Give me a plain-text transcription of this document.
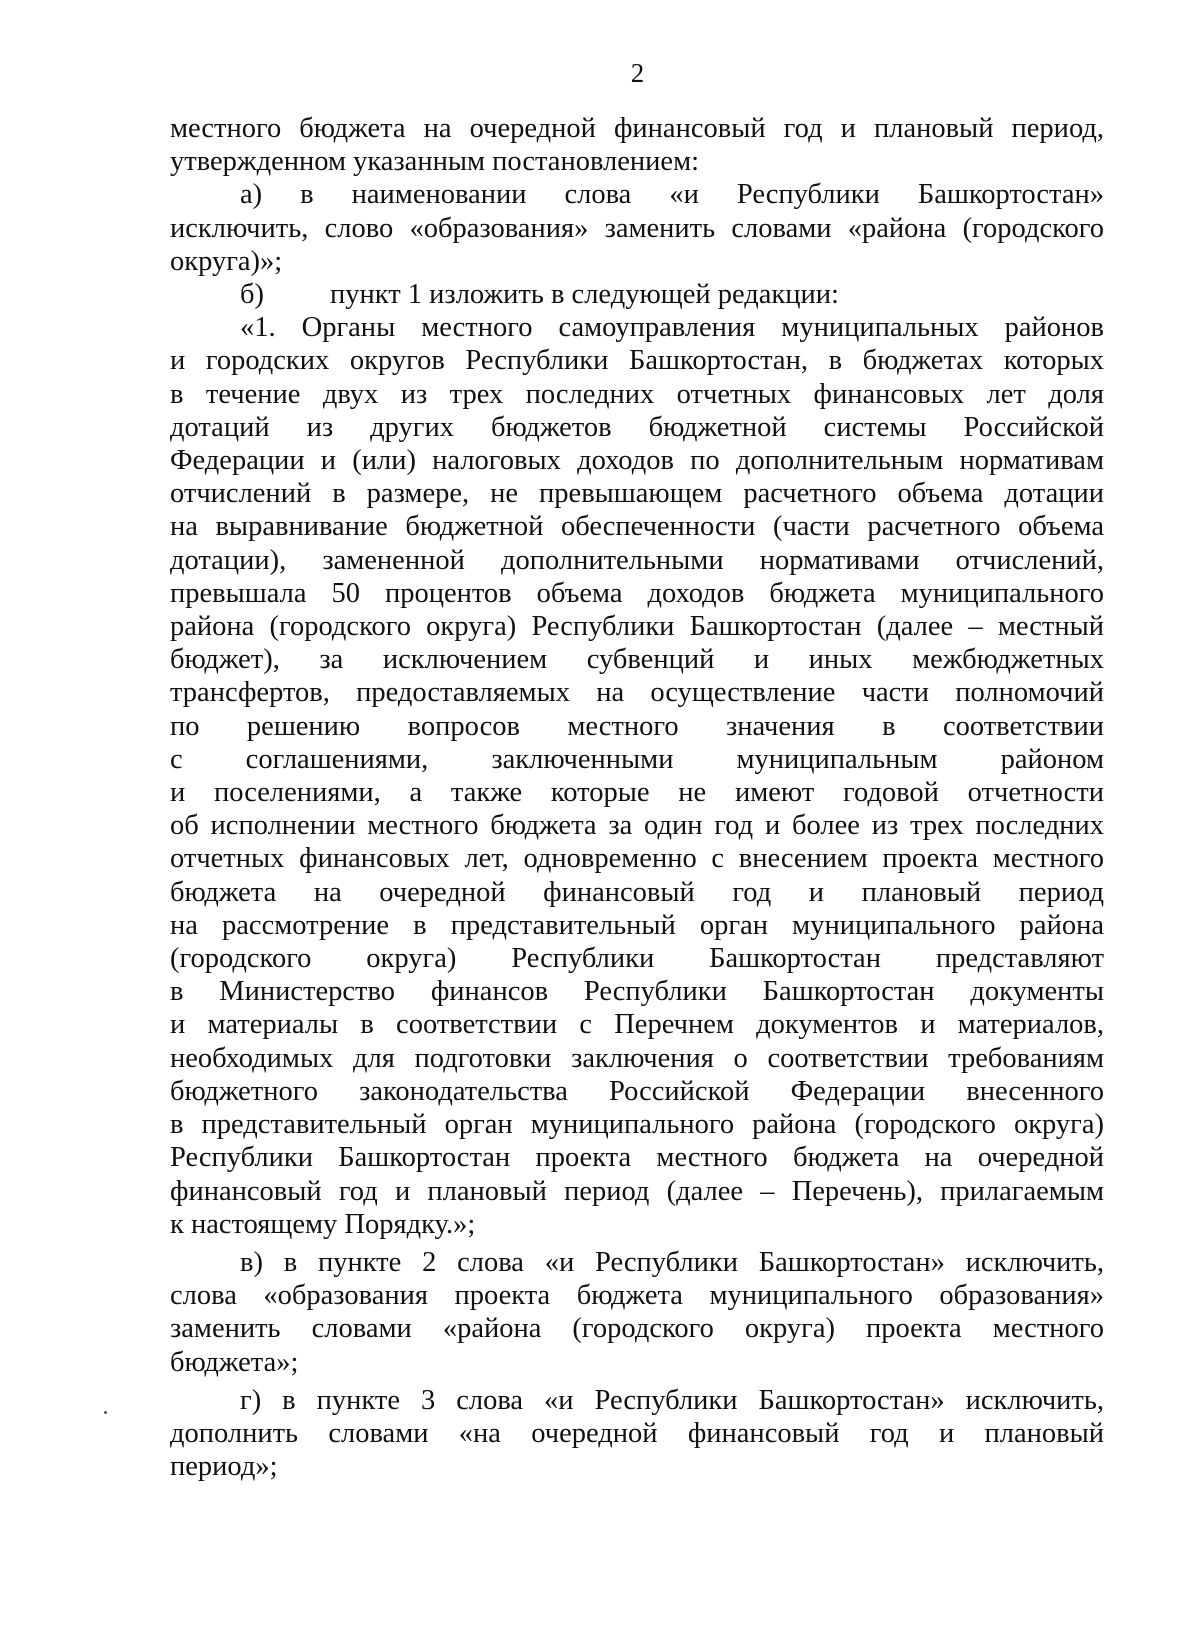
2
местного бюджета на очередной финансовый год и плановый период,
утвержденном указанным постановлением:
а) в наименовании слова «и Республики Башкортостан»
исключить, слово «образования» заменить словами «района (городского
округа)»;
б) пункт 1 изложить в следующей редакции:
«1. Органы местного самоуправления муниципальных районов
и городских округов Республики Башкортостан, в бюджетах которых
в течение двух из трех последних отчетных финансовых лет доля
дотаций из других бюджетов бюджетной системы Российской
Федерации и (или) налоговых доходов по дополнительным нормативам
отчислений в размере, не превышающем расчетного объема дотации
на выравнивание бюджетной обеспеченности (части расчетного объема
дотации), замененной дополнительными нормативами отчислений,
превышала 50 процентов объема доходов бюджета муниципального
района (городского округа) Республики Башкортостан (далее – местный
бюджет), за исключением субвенций и иных межбюджетных
трансфертов, предоставляемых на осуществление части полномочий
по решению вопросов местного значения в соответствии
с соглашениями, заключенными муниципальным районом
и поселениями, а также которые не имеют годовой отчетности
об исполнении местного бюджета за один год и более из трех последних
отчетных финансовых лет, одновременно с внесением проекта местного
бюджета на очередной финансовый год и плановый период
на рассмотрение в представительный орган муниципального района
(городского округа) Республики Башкортостан представляют
в Министерство финансов Республики Башкортостан документы
и материалы в соответствии с Перечнем документов и материалов,
необходимых для подготовки заключения о соответствии требованиям
бюджетного законодательства Российской Федерации внесенного
в представительный орган муниципального района (городского округа)
Республики Башкортостан проекта местного бюджета на очередной
финансовый год и плановый период (далее – Перечень), прилагаемым
к настоящему Порядку.»;
в) в пункте 2 слова «и Республики Башкортостан» исключить,
слова «образования проекта бюджета муниципального образования»
заменить словами «района (городского округа) проекта местного
бюджета»;
г) в пункте 3 слова «и Республики Башкортостан» исключить,
дополнить словами «на очередной финансовый год и плановый
период»;
